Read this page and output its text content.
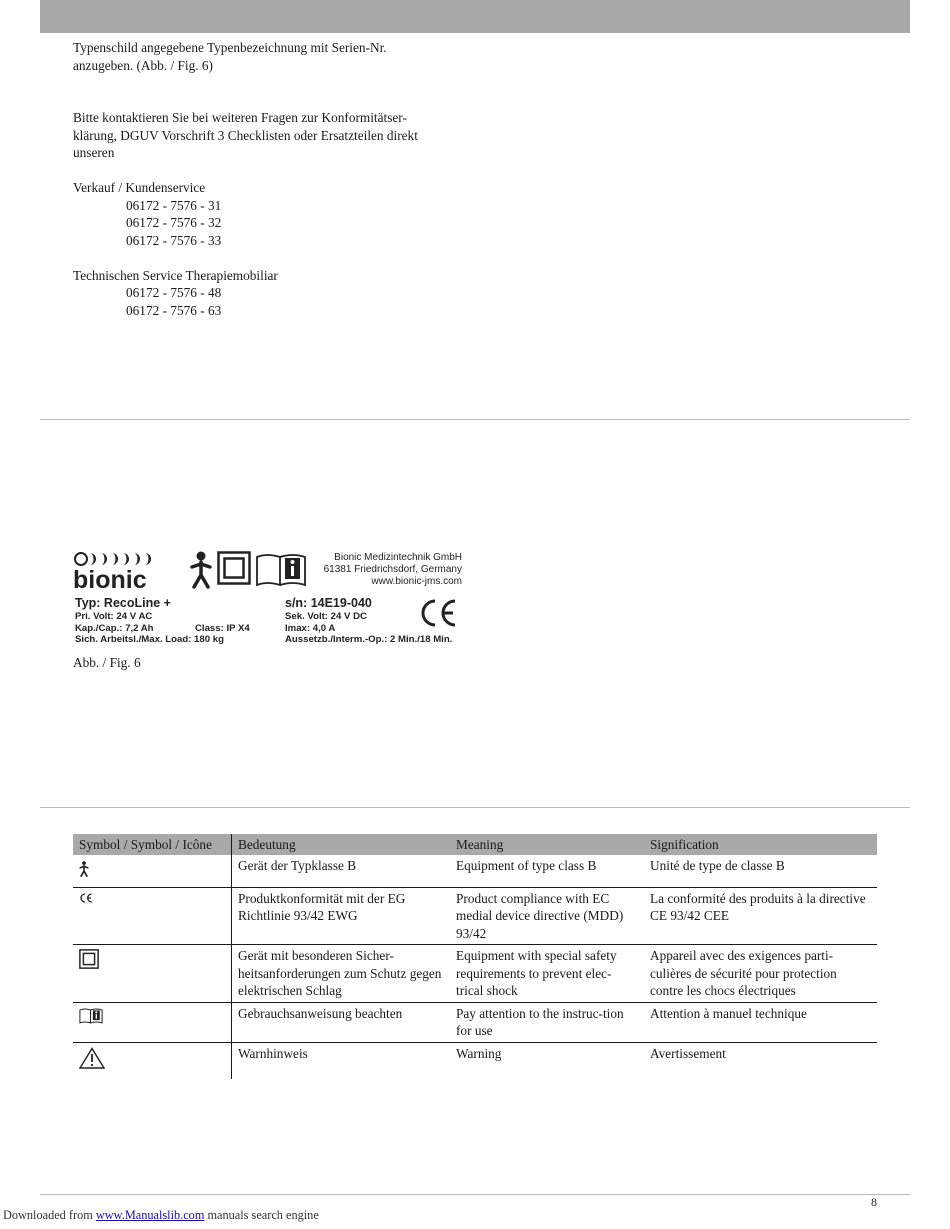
Typenschild angegebene Typenbezeichnung mit Serien-Nr.
anzugeben. (Abb. / Fig. 6)
Bitte kontaktieren Sie bei weiteren Fragen zur Konformitätser-
klärung, DGUV Vorschrift 3 Checklisten oder Ersatzteilen direkt
unseren

Verkauf / Kundenservice
06172 - 7576 - 31
06172 - 7576 - 32
06172 - 7576 - 33

Technischen Service Therapiemobiliar
06172 - 7576 - 48
06172 - 7576 - 63
bionic
Bionic Medizintechnik GmbH
61381 Friedrichsdorf, Germany
www.bionic-jms.com
Typ: RecoLine +	s/n: 14E19-040
Pri. Volt: 24 V AC
Kap./Cap.: 7,2 Ah	Class: IP X4
Sich. Arbeitsl./Max. Load: 180 kg
Sek. Volt: 24 V DC
Imax: 4,0 A
Aussetzb./Interm.-Op.: 2 Min./18 Min.
Abb. / Fig. 6
Symbol / Symbol / Icône	Bedeutung	Meaning	Signification
	Gerät der Typklasse B	Equipment of type class B	Unité de type de classe B
	Produktkonformität mit der EG Richtlinie 93/42 EWG	Product compliance with EC medial device directive (MDD) 93/42	La conformité des produits à la directive CE 93/42 CEE
	Gerät mit besonderen Sicher-heitsanforderungen zum Schutz gegen elektrischen Schlag	Equipment with special safety requirements to prevent elec-trical shock	Appareil avec des exigences parti-culières de sécurité pour protection contre les chocs électriques
	Gebrauchsanweisung beachten	Pay attention to the instruc-tion for use	Attention à manuel technique
	Warnhinweis	Warning	Avertissement
8
Downloaded from www.Manualslib.com manuals search engine
